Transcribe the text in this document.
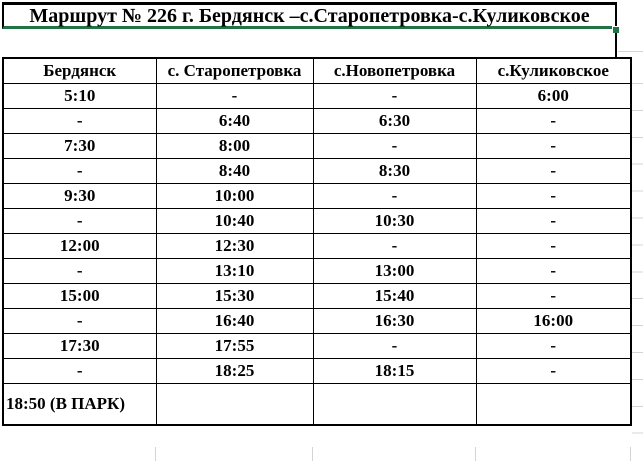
Маршрут № 226 г. Бердянск –с.Старопетровка-с.Куликовское
Бердянск	с. Старопетровка	с.Новопетровка	с.Куликовское
5:10	-	-	6:00
-	6:40	6:30	-
7:30	8:00	-	-
-	8:40	8:30	-
9:30	10:00	-	-
-	10:40	10:30	-
12:00	12:30	-	-
-	13:10	13:00	-
15:00	15:30	15:40	-
-	16:40	16:30	16:00
17:30	17:55	-	-
-	18:25	18:15	-
18:50 (В ПАРК)			
